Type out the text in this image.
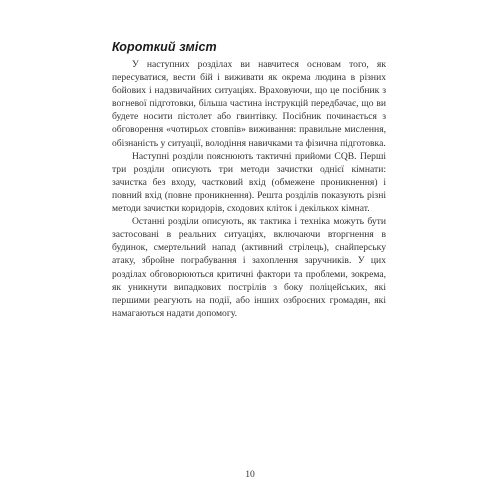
Короткий зміст

У наступних розділах ви навчитеся основам того, як пересуватися, вести бій і виживати як окрема людина в різних бойових і надзвичайних ситуаціях. Враховуючи, що це посібник з вогневої підготовки, більша частина інструкцій передбачає, що ви будете носити пістолет або гвинтівку. Посібник починається з обговорення «чотирьох стовпів» виживання: правильне мислення, обізнаність у ситуації, володіння навичками та фізична підготовка.

Наступні розділи пояснюють тактичні прийоми CQB. Перші три розділи описують три методи зачистки однієї кімнати: зачистка без входу, частковий вхід (обмежене проникнення) і повний вхід (повне проникнення). Решта розділів показують різні методи зачистки коридорів, сходових кліток і декількох кімнат.

Останні розділи описують, як тактика і техніка можуть бути застосовані в реальних ситуаціях, включаючи вторгнення в будинок, смертельний напад (активний стрілець), снайперську атаку, збройне пограбування і захоплення заручників. У цих розділах обговорюються критичні фактори та проблеми, зокрема, як уникнути випадкових пострілів з боку поліцейських, які першими реагують на події, або інших озброєних громадян, які намагаються надати допомогу.

10
